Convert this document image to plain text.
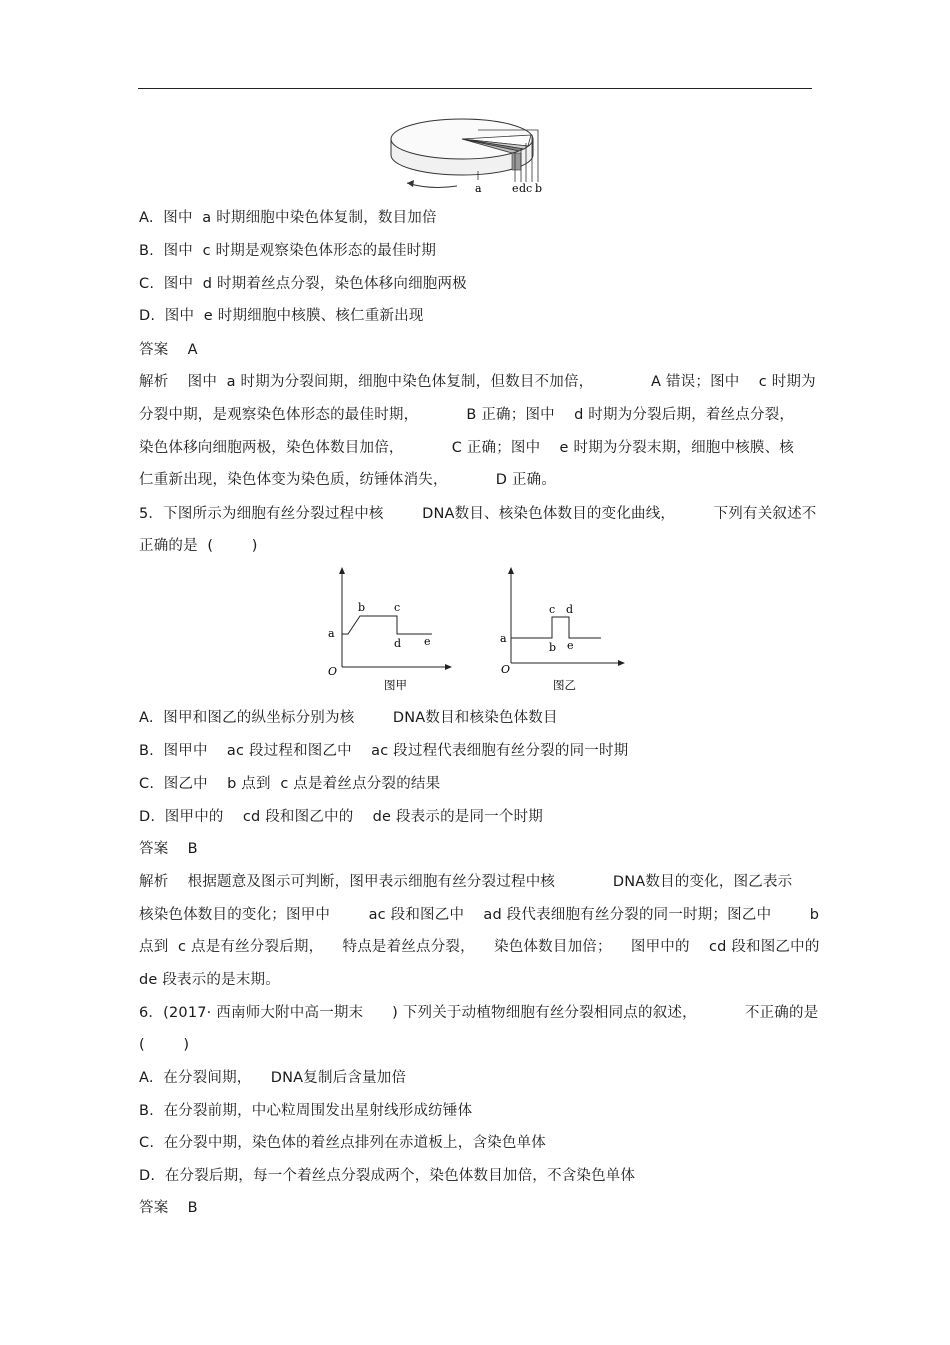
a	e d c b
A.  图中  a 时期细胞中染色体复制，数目加倍
B.  图中  c 时期是观察染色体形态的最佳时期
C.  图中  d 时期着丝点分裂，染色体移向细胞两极
D.  图中  e 时期细胞中核膜、核仁重新出现
答案    A
解析    图中  a 时期为分裂间期，细胞中染色体复制，但数目不加倍，            A 错误；图中    c 时期为
分裂中期，是观察染色体形态的最佳时期，          B 正确；图中    d 时期为分裂后期，着丝点分裂，
染色体移向细胞两极，染色体数目加倍，          C 正确；图中    e 时期为分裂末期，细胞中核膜、核
仁重新出现，染色体变为染色质，纺锤体消失，          D 正确。
5．下图所示为细胞有丝分裂过程中核        DNA数目、核染色体数目的变化曲线，        下列有关叙述不
正确的是  (        )
O
a
b	c
d e
图甲
O
a
b
c d
e
图乙
A.  图甲和图乙的纵坐标分别为核        DNA数目和核染色体数目
B.  图甲中    ac 段过程和图乙中    ac 段过程代表细胞有丝分裂的同一时期
C.  图乙中    b 点到  c 点是着丝点分裂的结果
D.  图甲中的    cd 段和图乙中的    de 段表示的是同一个时期
答案    B
解析    根据题意及图示可判断，图甲表示细胞有丝分裂过程中核            DNA数目的变化，图乙表示
核染色体数目的变化；图甲中        ac 段和图乙中    ad 段代表细胞有丝分裂的同一时期；图乙中        b
点到  c 点是有丝分裂后期，    特点是着丝点分裂，    染色体数目加倍；    图甲中的    cd 段和图乙中的
de 段表示的是末期。
6．(2017· 西南师大附中高一期末      ) 下列关于动植物细胞有丝分裂相同点的叙述，          不正确的是
(        )
A.  在分裂间期，    DNA复制后含量加倍
B.  在分裂前期，中心粒周围发出星射线形成纺锤体
C.  在分裂中期，染色体的着丝点排列在赤道板上，含染色单体
D.  在分裂后期，每一个着丝点分裂成两个，染色体数目加倍，不含染色单体
答案    B
